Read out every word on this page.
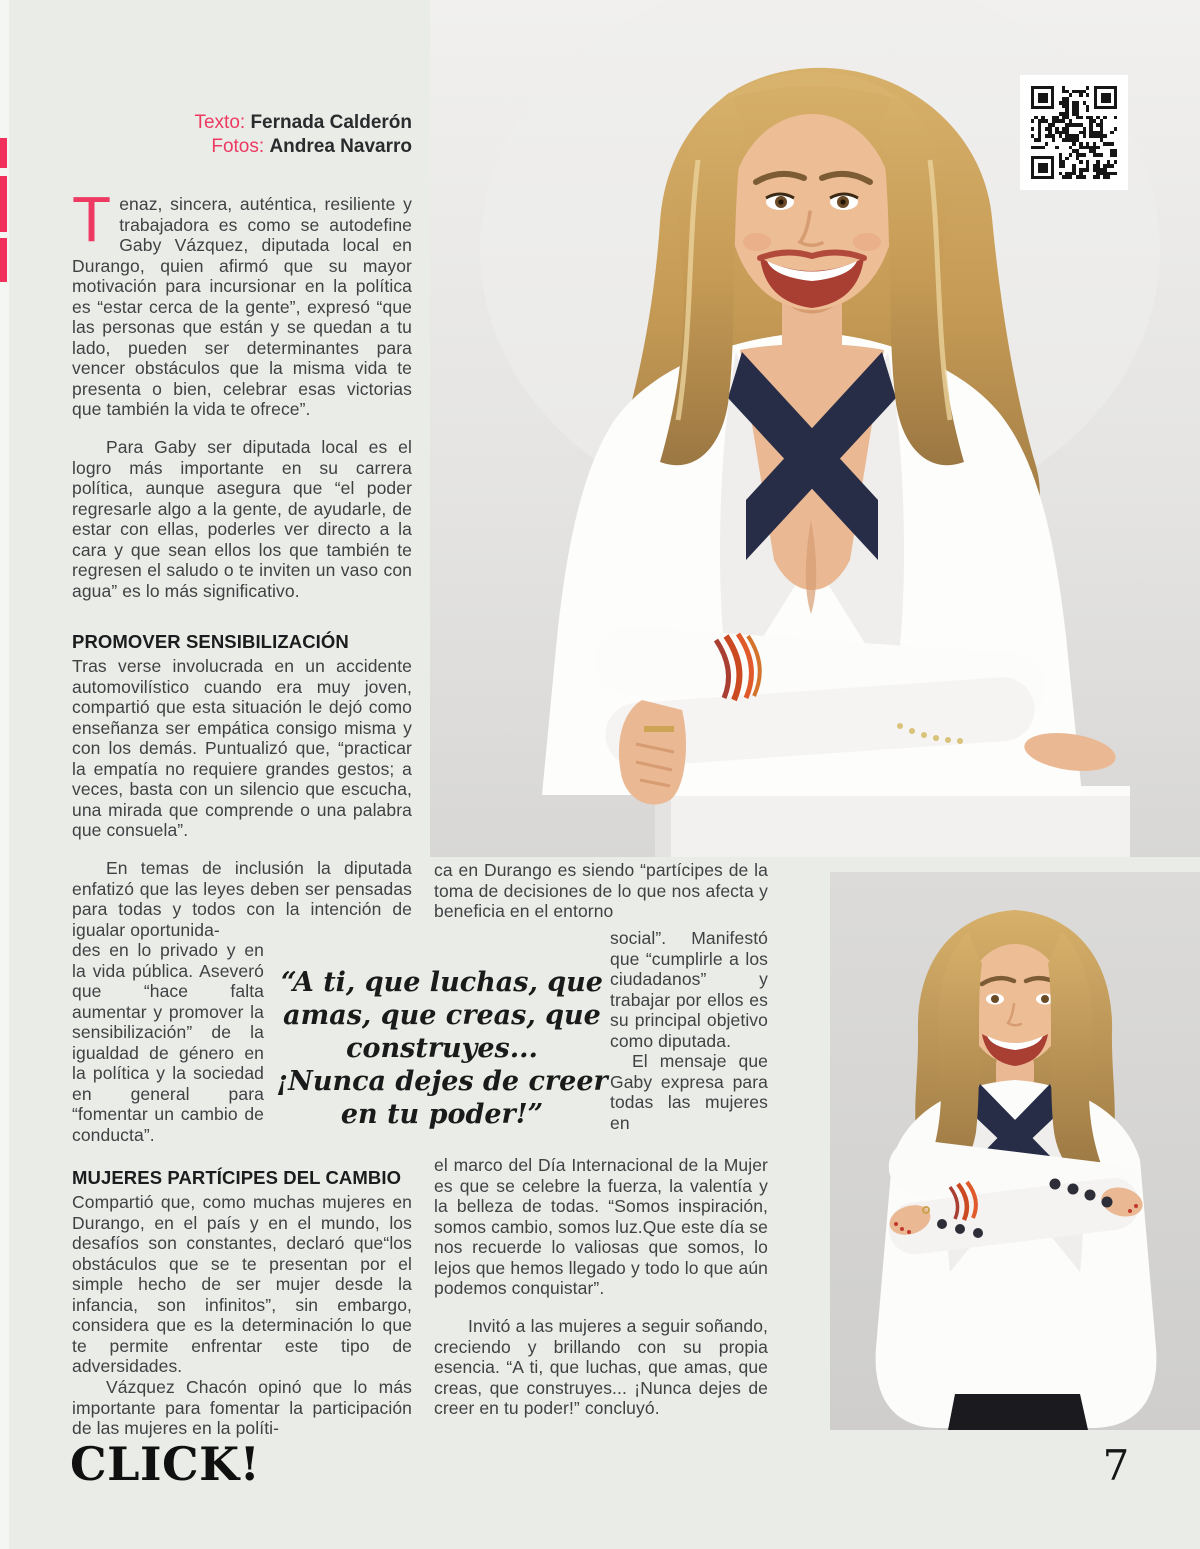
Texto: Fernada Calderón
Fotos: Andrea Navarro

Tenaz, sincera, auténtica, resiliente y trabajadora es como se autodefine Gaby Vázquez, diputada local en Durango, quien afirmó que su mayor motivación para incursionar en la política es “estar cerca de la gente”, expresó “que las personas que están y se quedan a tu lado, pueden ser determinantes para vencer obstáculos que la misma vida te presenta o bien, celebrar esas victorias que también la vida te ofrece”.

Para Gaby ser diputada local es el logro más importante en su carrera política, aunque asegura que “el poder regresarle algo a la gente, de ayudarle, de estar con ellas, poderles ver directo a la cara y que sean ellos los que también te regresen el saludo o te inviten un vaso con agua” es lo más significativo.

PROMOVER SENSIBILIZACIÓN

Tras verse involucrada en un accidente automovilístico cuando era muy joven, compartió que esta situación le dejó como enseñanza ser empática consigo misma y con los demás. Puntualizó que, “practicar la empatía no requiere grandes gestos; a veces, basta con un silencio que escucha, una mirada que comprende o una palabra que consuela”.

En temas de inclusión la diputada enfatizó que las leyes deben ser pensadas para todas y todos con la intención de igualar oportunida-

des en lo privado y en la vida pública. Aseveró que “hace falta aumentar y promover la sensibilización” de la igualdad de género en la política y la sociedad en general para “fomentar un cambio de conducta”.

MUJERES PARTÍCIPES DEL CAMBIO

Compartió que, como muchas mujeres en Durango, en el país y en el mundo, los desafíos son constantes, declaró que“los obstáculos que se te presentan por el simple hecho de ser mujer desde la infancia, son infinitos”, sin embargo, considera que es la determinación lo que te permite enfrentar este tipo de adversidades.

Vázquez Chacón opinó que lo más importante para fomentar la participación de las mujeres en la políti-

“A ti, que luchas, que
amas, que creas, que
construyes...
¡Nunca dejes de creer
en tu poder!”

ca en Durango es siendo “partícipes de la toma de decisiones de lo que nos afecta y beneficia en el entorno

social”. Manifestó que “cumplirle a los ciudadanos” y trabajar por ellos es su principal objetivo como diputada.

El mensaje que Gaby expresa para todas las mujeres en

el marco del Día Internacional de la Mujer es que se celebre la fuerza, la valentía y la belleza de todas. “Somos inspiración, somos cambio, somos luz.Que este día se nos recuerde lo valiosas que somos, lo lejos que hemos llegado y todo lo que aún podemos conquistar”.

Invitó a las mujeres a seguir soñando, creciendo y brillando con su propia esencia. “A ti, que luchas, que amas, que creas, que construyes... ¡Nunca dejes de creer en tu poder!” concluyó.

CLICK!	7
